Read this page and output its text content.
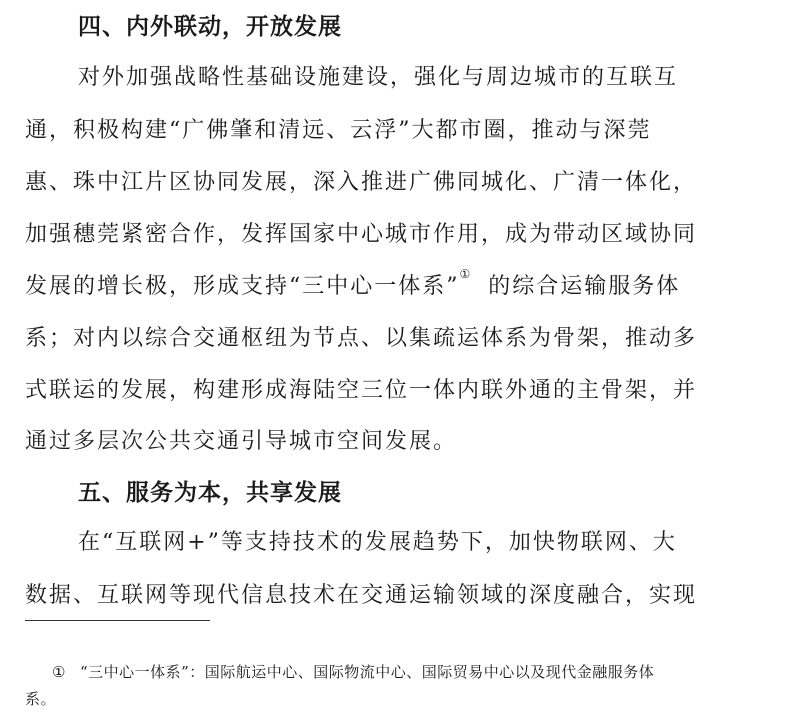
四、内外联动，开放发展
对外加强战略性基础设施建设，强化与周边城市的互联互
通，积极构建“广佛肇和清远、云浮”大都市圈，推动与深莞
惠、珠中江片区协同发展，深入推进广佛同城化、广清一体化，
加强穗莞紧密合作，发挥国家中心城市作用，成为带动区域协同
发展的增长极，形成支持“三中心一体系”① 的综合运输服务体
系；对内以综合交通枢纽为节点、以集疏运体系为骨架，推动多
式联运的发展，构建形成海陆空三位一体内联外通的主骨架，并
通过多层次公共交通引导城市空间发展。
五、服务为本，共享发展
在“互联网+”等支持技术的发展趋势下，加快物联网、大
数据、互联网等现代信息技术在交通运输领域的深度融合，实现
① “三中心一体系”：国际航运中心、国际物流中心、国际贸易中心以及现代金融服务体
系。
